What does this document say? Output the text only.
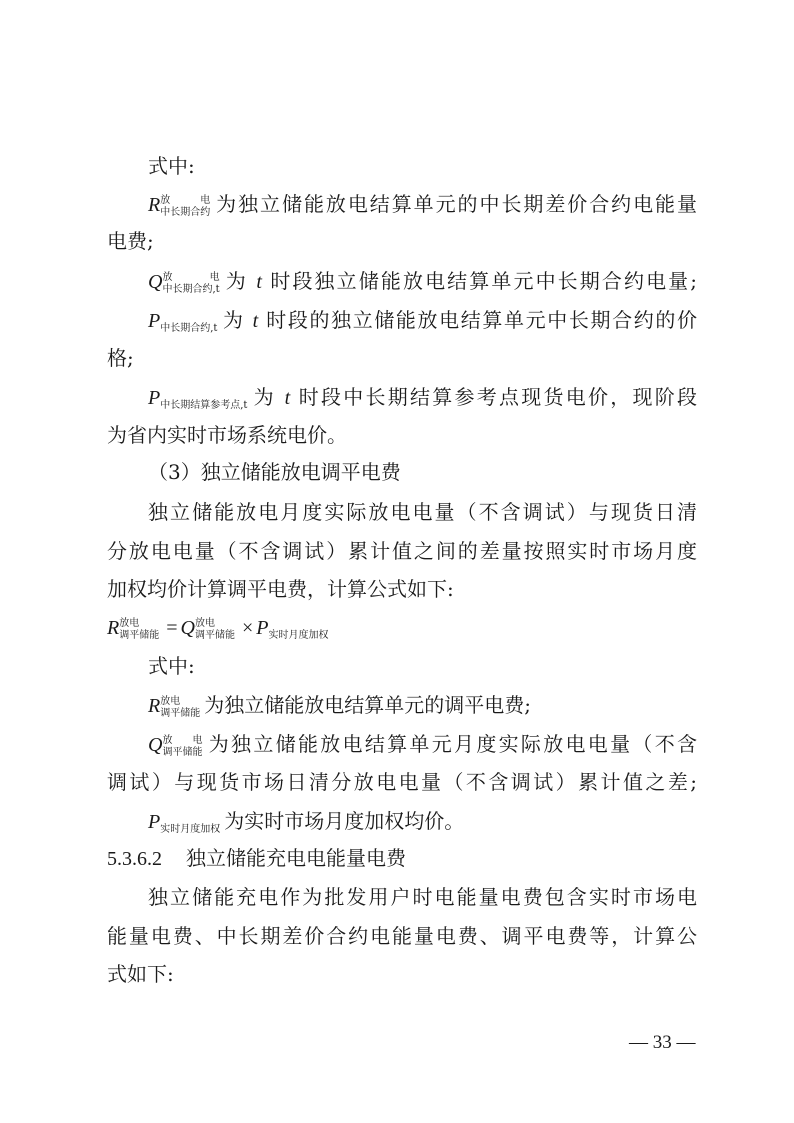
式中:
R 放电
中长期合约 为独立储能放电结算单元的中长期差价合约电能量
电费;
Q 放电
中长期合约,t 为 t 时段独立储能放电结算单元中长期合约电量;
P
中长期合约,t 为 t 时段的独立储能放电结算单元中长期合约的价
格;
P
中长期结算参考点,t 为 t 时段中长期结算参考点现货电价，现阶段
为省内实时市场系统电价。
（3）独立储能放电调平电费
独立储能放电月度实际放电电量（不含调试）与现货日清
分放电电量（不含调试）累计值之间的差量按照实时市场月度
加权均价计算调平电费，计算公式如下:
R 放电
调平储能 = Q 放电
调平储能 × P
实时月度加权
式中:
R 放电
调平储能 为独立储能放电结算单元的调平电费;
Q 放电
调平储能 为独立储能放电结算单元月度实际放电电量（不含
调试）与现货市场日清分放电电量（不含调试）累计值之差;
P
实时月度加权 为实时市场月度加权均价。
5.3.6.2 独立储能充电电能量电费
独立储能充电作为批发用户时电能量电费包含实时市场电
能量电费、中长期差价合约电能量电费、调平电费等，计算公
式如下:
— 33 —
